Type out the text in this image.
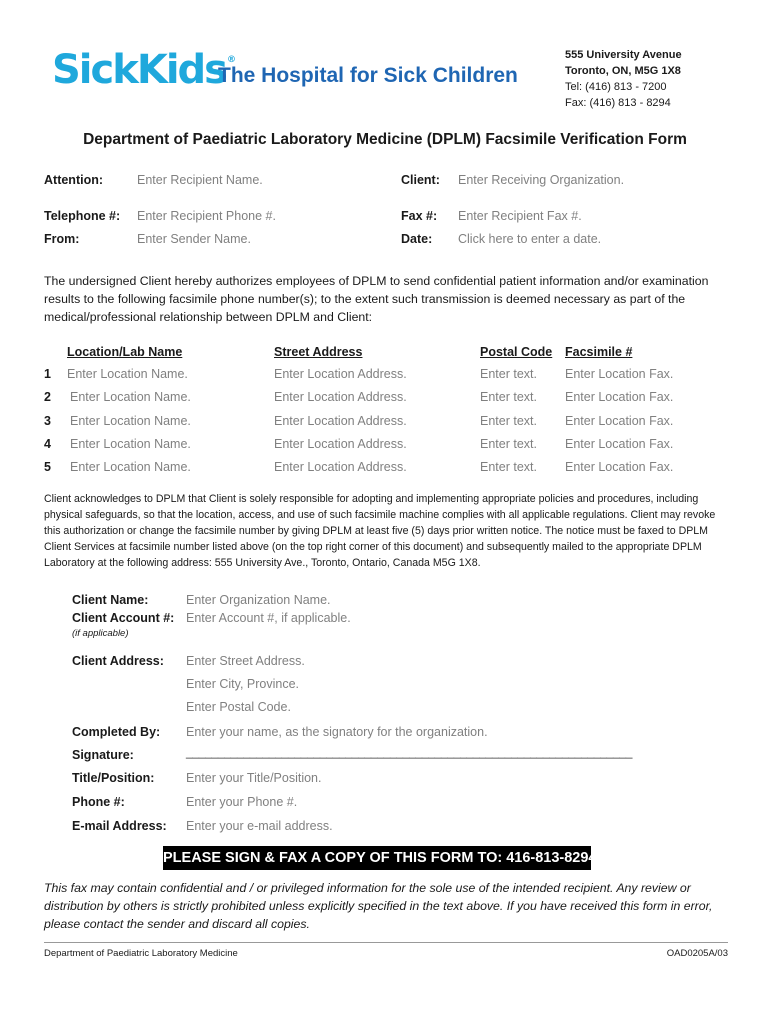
SickKids®
The Hospital for Sick Children
555 University Avenue
Toronto, ON, M5G 1X8
Tel: (416) 813 - 7200
Fax: (416) 813 - 8294
Department of Paediatric Laboratory Medicine (DPLM) Facsimile Verification Form
Attention:	Enter Recipient Name.	Client: Enter Receiving Organization.
Telephone #: Enter Recipient Phone #.	Fax #: Enter Recipient Fax #.
From:	Enter Sender Name.	Date: Click here to enter a date.
The undersigned Client hereby authorizes employees of DPLM to send confidential patient information and/or examination results to the following facsimile phone number(s); to the extent such transmission is deemed necessary as part of the medical/professional relationship between DPLM and Client:
Location/Lab Name	Street Address	Postal Code Facsimile #
1 Enter Location Name.	Enter Location Address.	Enter text. Enter Location Fax.
2 Enter Location Name.	Enter Location Address.	Enter text. Enter Location Fax.
3 Enter Location Name.	Enter Location Address.	Enter text. Enter Location Fax.
4 Enter Location Name.	Enter Location Address.	Enter text. Enter Location Fax.
5 Enter Location Name.	Enter Location Address.	Enter text. Enter Location Fax.
Client acknowledges to DPLM that Client is solely responsible for adopting and implementing appropriate policies and procedures, including physical safeguards, so that the location, access, and use of such facsimile machine complies with all applicable regulations. Client may revoke this authorization or change the facsimile number by giving DPLM at least five (5) days prior written notice. The notice must be faxed to DPLM Client Services at facsimile number listed above (on the top right corner of this document) and subsequently mailed to the appropriate DPLM Laboratory at the following address: 555 University Ave., Toronto, Ontario, Canada M5G 1X8.
Client Name:	Enter Organization Name.
Client Account #: Enter Account #, if applicable.
(if applicable)
Client Address: Enter Street Address.
Enter City, Province.
Enter Postal Code.
Completed By: Enter your name, as the signatory for the organization.
Signature:	______________________________________________________________________
Title/Position:	Enter your Title/Position.
Phone #:	Enter your Phone #.
E-mail Address: Enter your e-mail address.
PLEASE SIGN & FAX A COPY OF THIS FORM TO: 416-813-8294
This fax may contain confidential and / or privileged information for the sole use of the intended recipient. Any review or distribution by others is strictly prohibited unless explicitly specified in the text above. If you have received this form in error, please contact the sender and discard all copies.
Department of Paediatric Laboratory Medicine	OAD0205A/03
